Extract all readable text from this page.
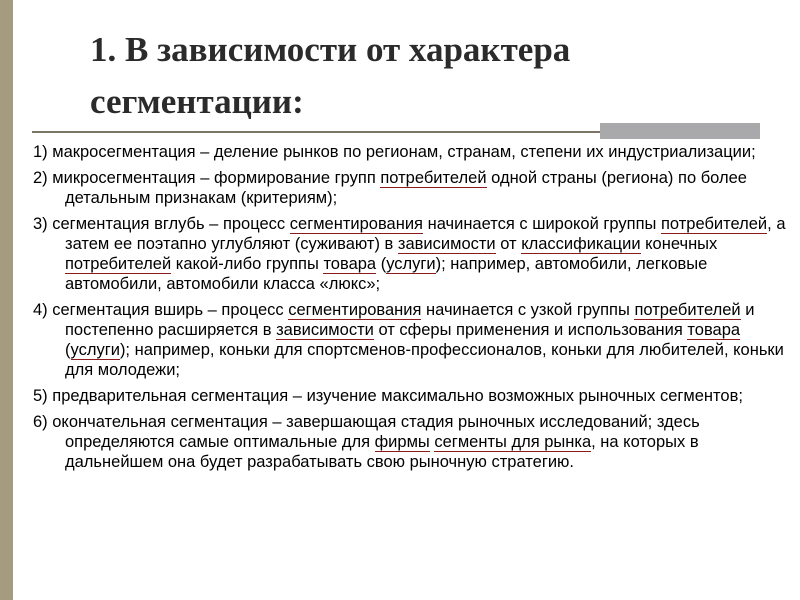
1. В зависимости от характера сегментации:
1) макросегментация – деление рынков по регионам, странам, степени их индустриализации;
2) микросегментация – формирование групп потребителей одной страны (региона) по более детальным признакам (критериям);
3) сегментация вглубь – процесс сегментирования начинается с широкой группы потребителей, а затем ее поэтапно углубляют (суживают) в зависимости от классификации конечных потребителей какой-либо группы товара (услуги); например, автомобили, легковые автомобили, автомобили класса «люкс»;
4) сегментация вширь – процесс сегментирования начинается с узкой группы потребителей и постепенно расширяется в зависимости от сферы применения и использования товара (услуги); например, коньки для спортсменов-профессионалов, коньки для любителей, коньки для молодежи;
5) предварительная сегментация – изучение максимально возможных рыночных сегментов;
6) окончательная сегментация – завершающая стадия рыночных исследований; здесь определяются самые оптимальные для фирмы сегменты для рынка, на которых в дальнейшем она будет разрабатывать свою рыночную стратегию.
